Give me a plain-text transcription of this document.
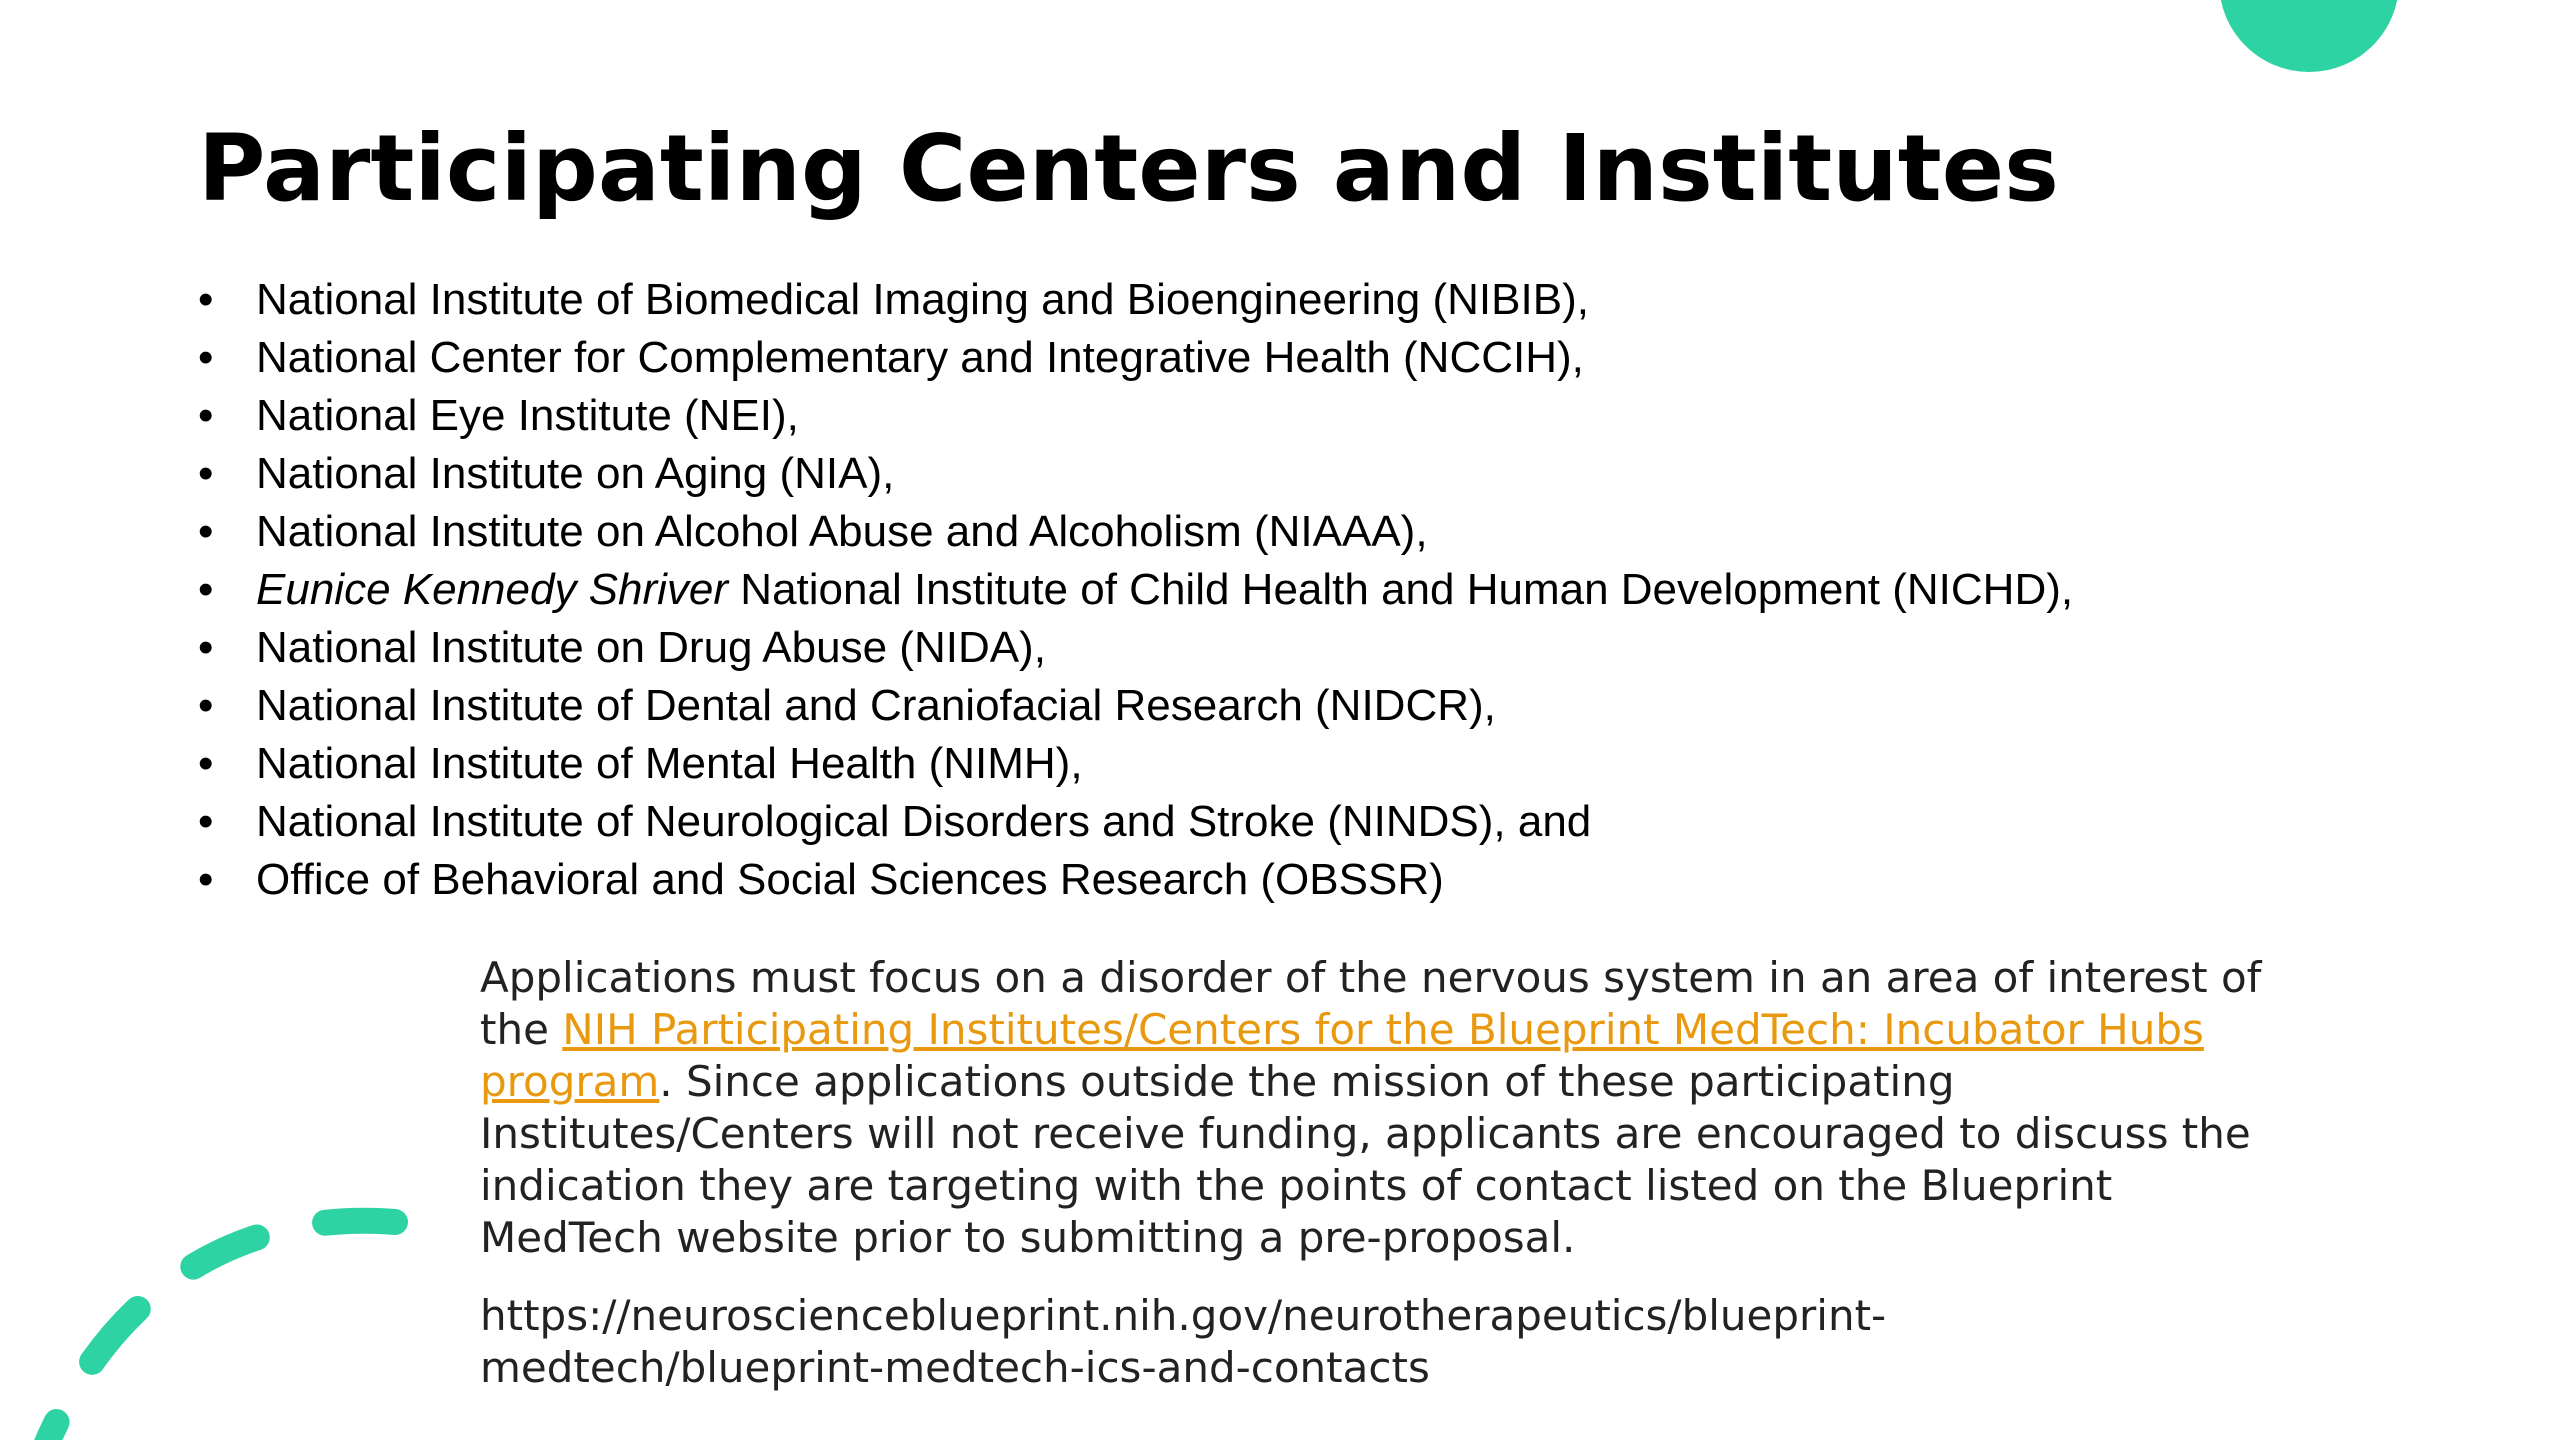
Participating Centers and Institutes
• National Institute of Biomedical Imaging and Bioengineering (NIBIB),
• National Center for Complementary and Integrative Health (NCCIH),
• National Eye Institute (NEI),
• National Institute on Aging (NIA),
• National Institute on Alcohol Abuse and Alcoholism (NIAAA),
• Eunice Kennedy Shriver National Institute of Child Health and Human Development (NICHD),
• National Institute on Drug Abuse (NIDA),
• National Institute of Dental and Craniofacial Research (NIDCR),
• National Institute of Mental Health (NIMH),
• National Institute of Neurological Disorders and Stroke (NINDS), and
• Office of Behavioral and Social Sciences Research (OBSSR)

Applications must focus on a disorder of the nervous system in an area of interest of
the NIH Participating Institutes/Centers for the Blueprint MedTech: Incubator Hubs
program. Since applications outside the mission of these participating
Institutes/Centers will not receive funding, applicants are encouraged to discuss the
indication they are targeting with the points of contact listed on the Blueprint
MedTech website prior to submitting a pre-proposal.

https://neuroscienceblueprint.nih.gov/neurotherapeutics/blueprint-
medtech/blueprint-medtech-ics-and-contacts
